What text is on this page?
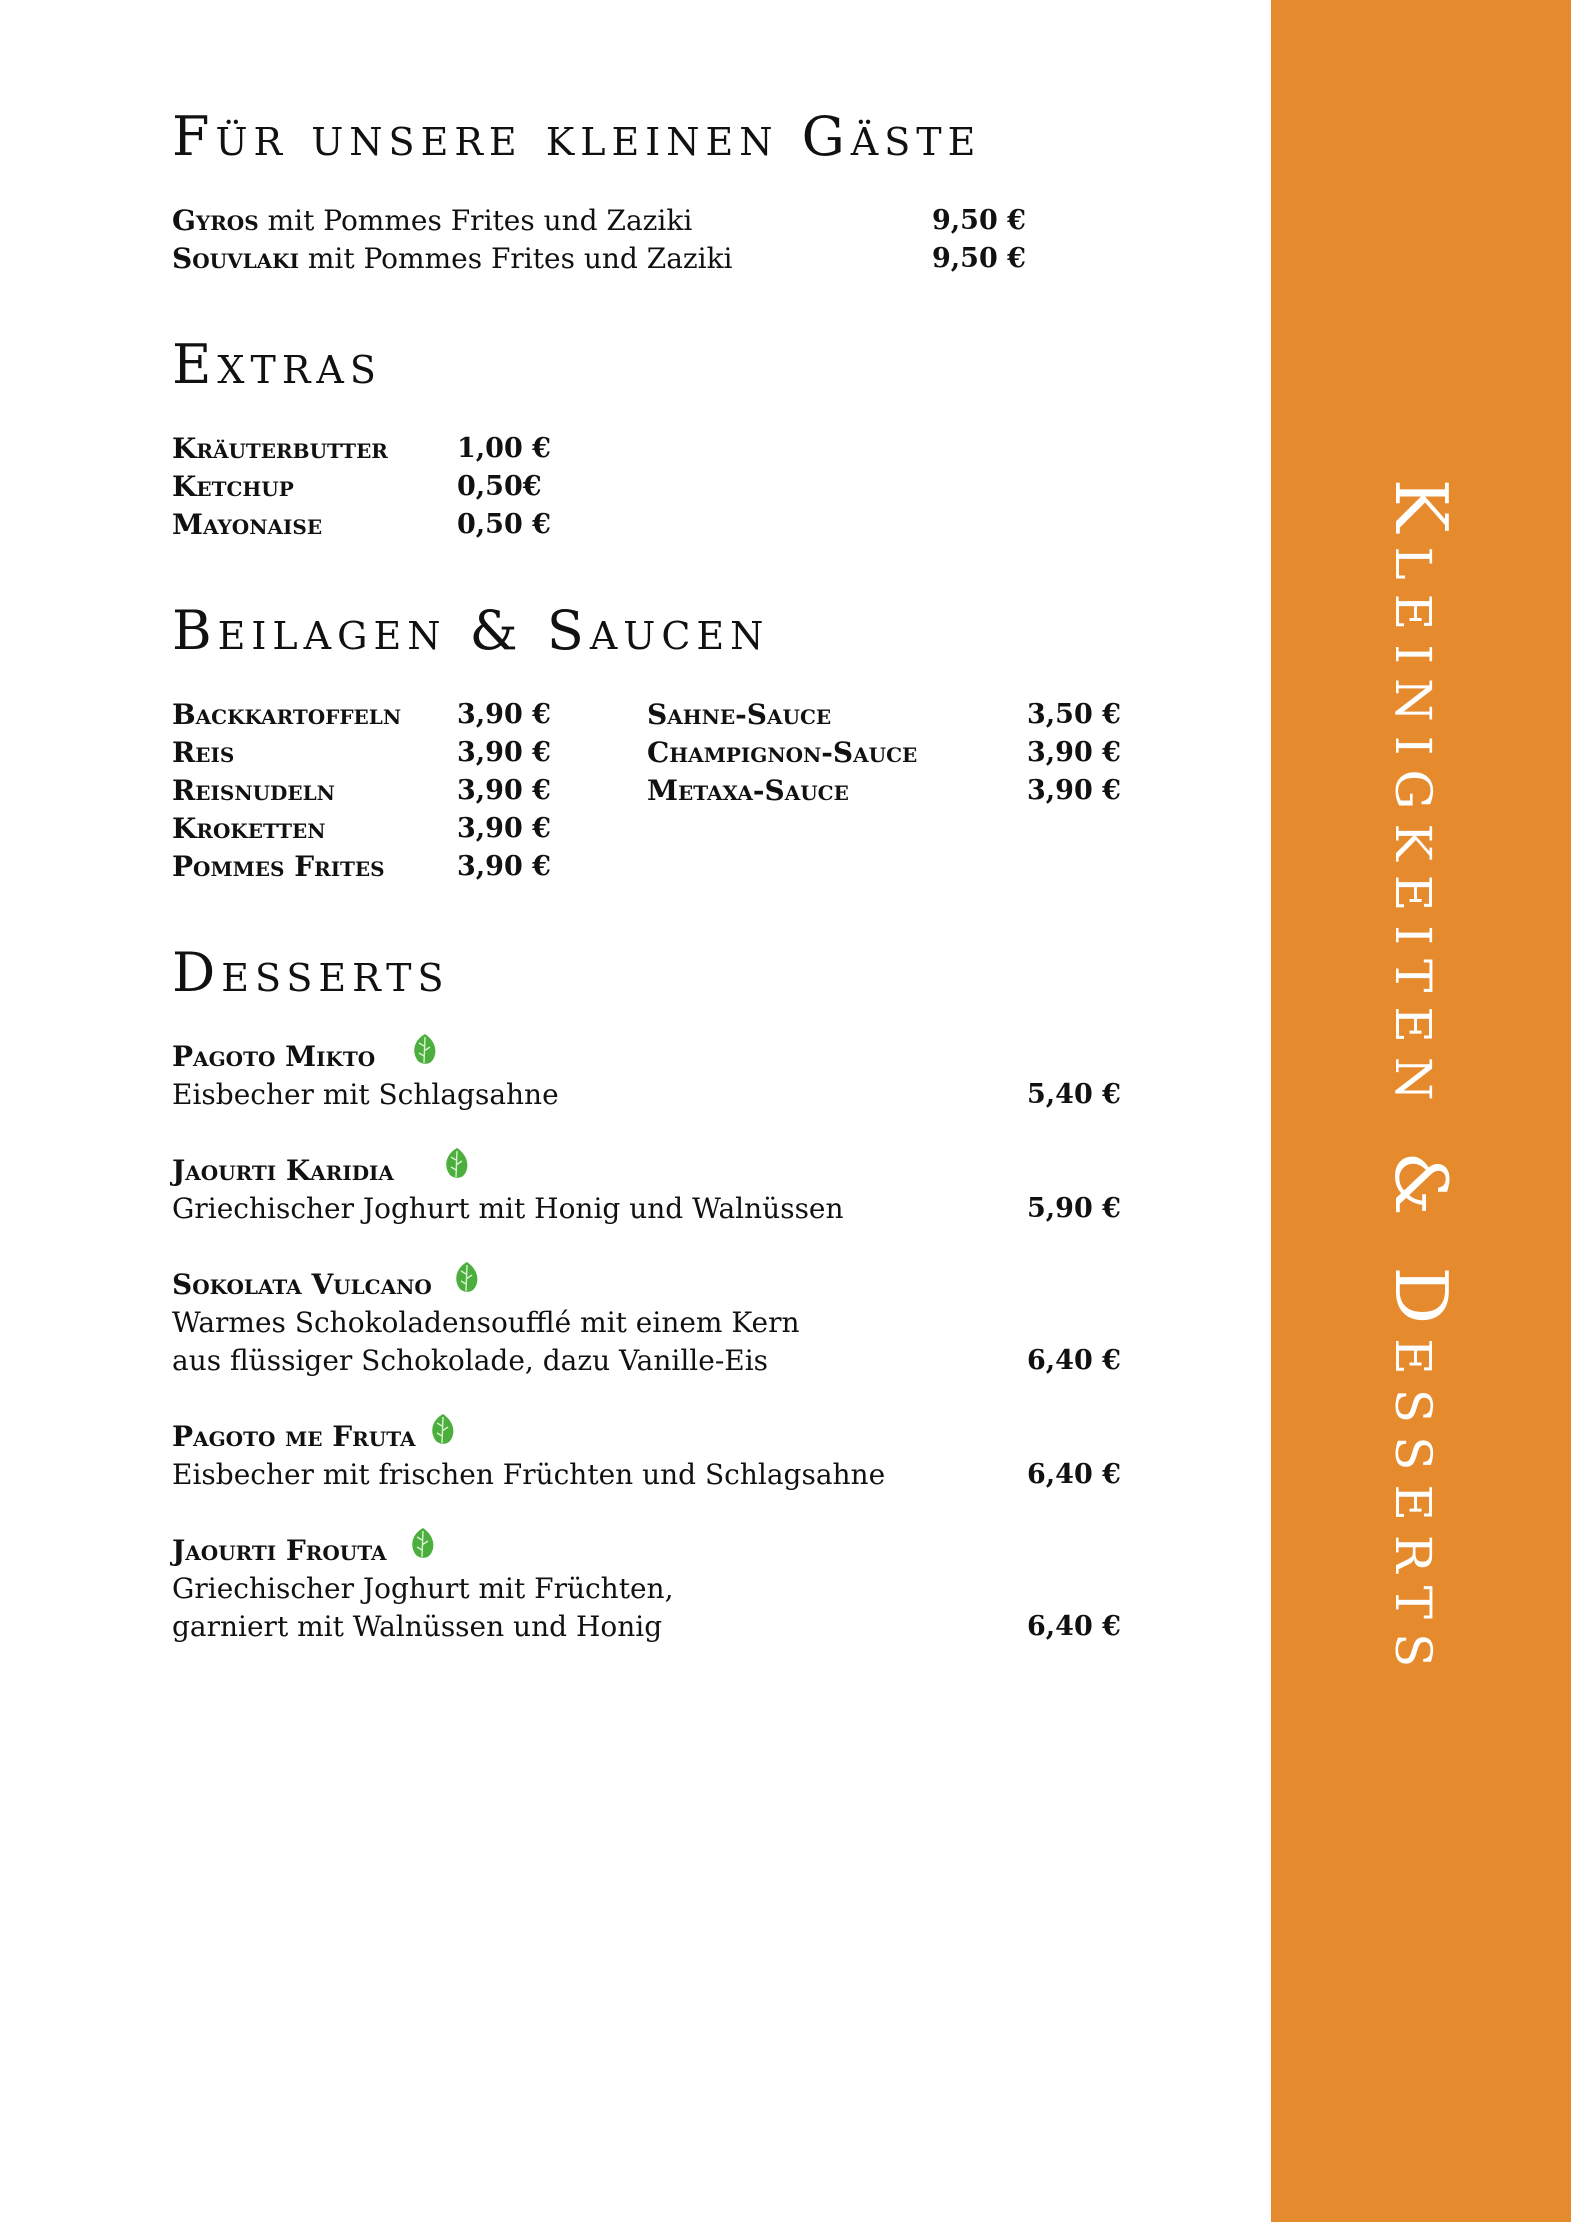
Kleinigkeiten & Desserts
Für unsere kleinen Gäste
Gyros mit Pommes Frites und Zaziki	9,50 €
Souvlaki mit Pommes Frites und Zaziki	9,50 €
Extras
Kräuterbutter	1,00 €
Ketchup	0,50€
Mayonaise	0,50 €
Beilagen & Saucen
Backkartoffeln 3,90 €
Reis	3,90 €
Reisnudeln	3,90 €
Kroketten	3,90 €
Pommes Frites	3,90 €
Sahne-Sauce	3,50 €
Champignon-Sauce	3,90 €
Metaxa-Sauce	3,90 €
Desserts
Pagoto Mikto
Eisbecher mit Schlagsahne	5,40 €
Jaourti Karidia
Griechischer Joghurt mit Honig und Walnüssen	5,90 €
Sokolata Vulcano
Warmes Schokoladensoufflé mit einem Kern
aus flüssiger Schokolade, dazu Vanille-Eis	6,40 €
Pagoto me Fruta
Eisbecher mit frischen Früchten und Schlagsahne	6,40 €
Jaourti Frouta
Griechischer Joghurt mit Früchten,
garniert mit Walnüssen und Honig	6,40 €
